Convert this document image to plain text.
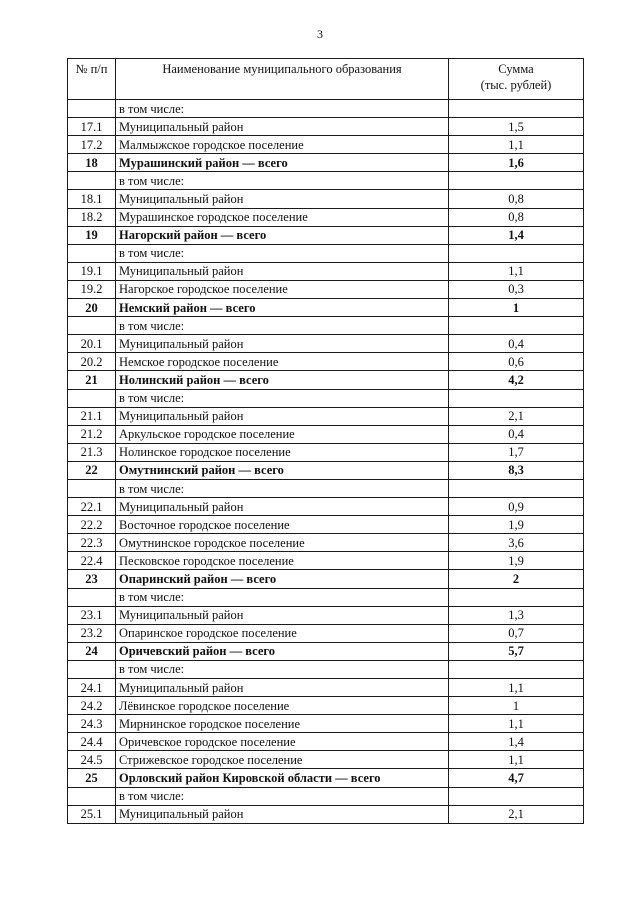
3
№ п/п	Наименование муниципального образования	Сумма
(тыс. рублей)
	в том числе:	
17.1	Муниципальный район	1,5
17.2	Малмыжское городское поселение	1,1
18	Мурашинский район — всего	1,6
	в том числе:	
18.1	Муниципальный район	0,8
18.2	Мурашинское городское поселение	0,8
19	Нагорский район — всего	1,4
	в том числе:	
19.1	Муниципальный район	1,1
19.2	Нагорское городское поселение	0,3
20	Немский район — всего	1
	в том числе:	
20.1	Муниципальный район	0,4
20.2	Немское городское поселение	0,6
21	Нолинский район — всего	4,2
	в том числе:	
21.1	Муниципальный район	2,1
21.2	Аркульское городское поселение	0,4
21.3	Нолинское городское поселение	1,7
22	Омутнинский район — всего	8,3
	в том числе:	
22.1	Муниципальный район	0,9
22.2	Восточное городское поселение	1,9
22.3	Омутнинское городское поселение	3,6
22.4	Песковское городское поселение	1,9
23	Опаринский район — всего	2
	в том числе:	
23.1	Муниципальный район	1,3
23.2	Опаринское городское поселение	0,7
24	Оричевский район — всего	5,7
	в том числе:	
24.1	Муниципальный район	1,1
24.2	Лёвинское городское поселение	1
24.3	Мирнинское городское поселение	1,1
24.4	Оричевское городское поселение	1,4
24.5	Стрижевское городское поселение	1,1
25	Орловский район Кировской области — всего	4,7
	в том числе:	
25.1	Муниципальный район	2,1
